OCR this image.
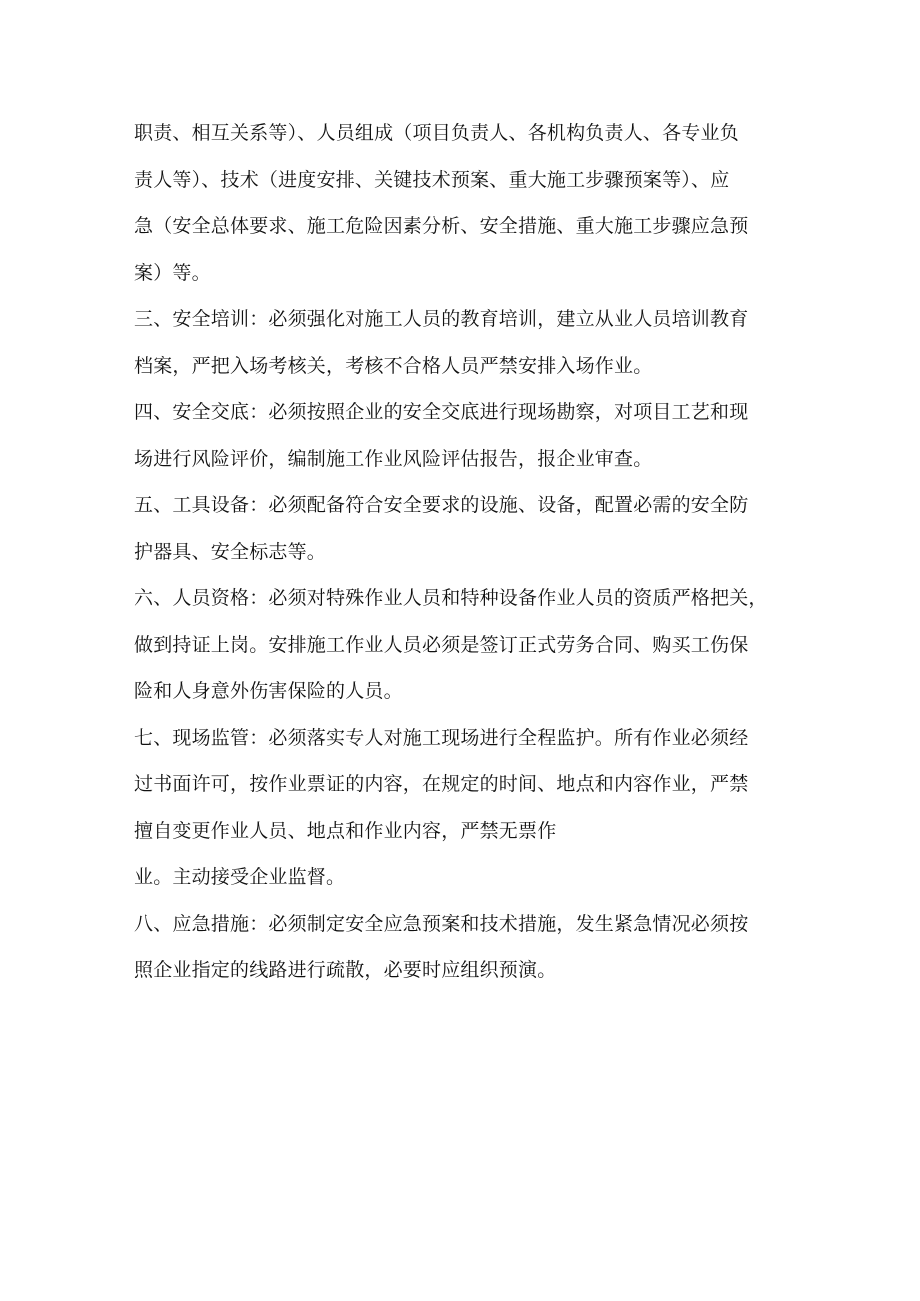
职责、相互关系等）、人员组成（项目负责人、各机构负责人、各专业负
责人等）、技术（进度安排、关键技术预案、重大施工步骤预案等）、应
急（安全总体要求、施工危险因素分析、安全措施、重大施工步骤应急预
案）等。
三、安全培训：必须强化对施工人员的教育培训，建立从业人员培训教育
档案，严把入场考核关，考核不合格人员严禁安排入场作业。
四、安全交底：必须按照企业的安全交底进行现场勘察，对项目工艺和现
场进行风险评价，编制施工作业风险评估报告，报企业审查。
五、工具设备：必须配备符合安全要求的设施、设备，配置必需的安全防
护器具、安全标志等。
六、人员资格：必须对特殊作业人员和特种设备作业人员的资质严格把关，
做到持证上岗。安排施工作业人员必须是签订正式劳务合同、购买工伤保
险和人身意外伤害保险的人员。
七、现场监管：必须落实专人对施工现场进行全程监护。所有作业必须经
过书面许可，按作业票证的内容，在规定的时间、地点和内容作业，严禁
擅自变更作业人员、地点和作业内容，严禁无票作
业。主动接受企业监督。
八、应急措施：必须制定安全应急预案和技术措施，发生紧急情况必须按
照企业指定的线路进行疏散，必要时应组织预演。
